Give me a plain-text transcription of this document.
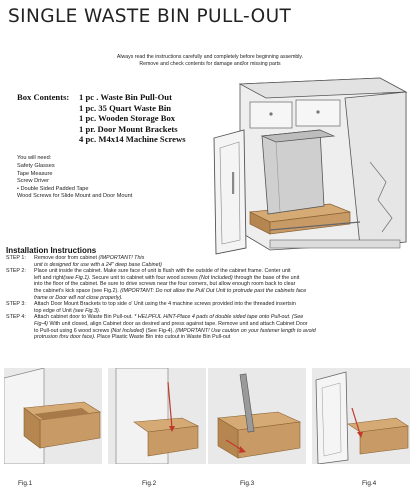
SINGLE WASTE BIN PULL-OUT
Always read the instructions carefully and completely before beginning assembly.
Remove and check contents for damage and/or missing parts
Box Contents: 1 pc . Waste Bin Pull-Out
1 pc. 35 Quart Waste Bin
1 pc. Wooden Storage Box
1 pr. Door Mount Brackets
4 pc. M4x14 Machine Screws
You will need:
Safety Glasses
Tape Measure
Screw Driver
• Double Sided Padded Tape
Wood Screws for Slide Mount and Door Mount
Installation Instructions
STEP 1:	Remove door from cabinet (IMPORTANT! This
unit is designed for use with a 24" deep base Cabinet)
STEP 2:	Place unit inside the cabinet. Make sure face of unit is flush with the outside of the cabinet frame. Center unit
left and right(see Fig.1). Secure unit to cabinet with four wood screws (Not Included) through the base of the unit
into the floor of the cabinet. Be sure to drive screws near the four corners, but allow enough room back to clear
the cabinet's kick space (see Fig.2). (IMPORTANT: Do not allow the Pull Out Unit to protrude past the cabinets face
frame or Door will not close properly).
STEP 3:	Attach Door Mount Brackets to top side o' Unit using the 4 machine screws provided into the threaded insertsin
top edge of Unit (see Fig.3).
STEP 4:	Attach cabinet door to Waste Bin Pull-out. * HELPFUL HINT-Place 4 pads of double sided tape onto Pull-out. (See
Fig-4) With unit closed, align Cabinet door as desired and press against tape. Remove unit and attach Cabinet Door
to Pull-out using 6 wood screws (Not Included) (See Fig-4). (IMPORTANT! Use caution on your fastener length to avoid
protrusion thru door face). Place Plastic Waste Bin into cutout in Waste Bin Pull-out
Fig.1	Fig.2	Fig.3	Fig.4
